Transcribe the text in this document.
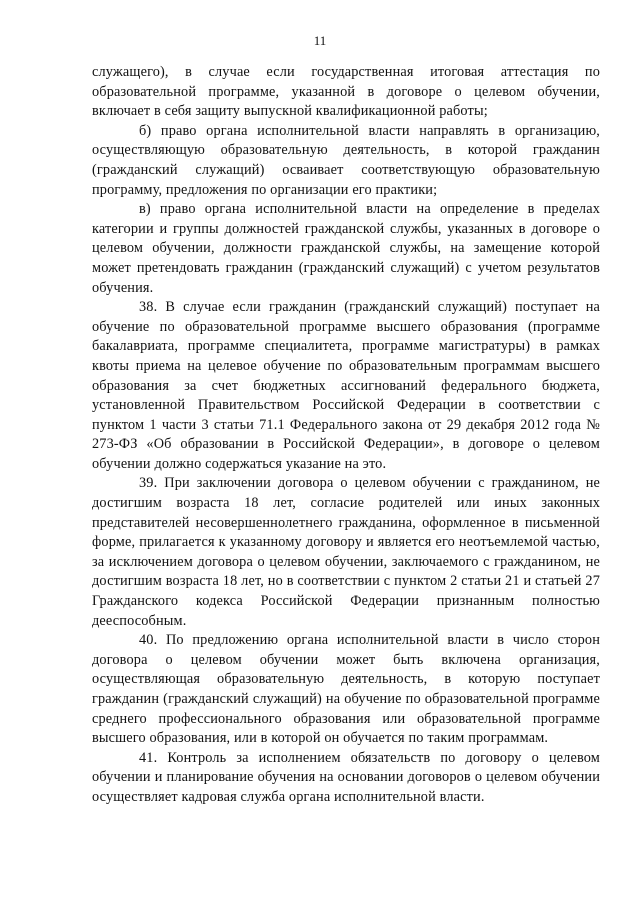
11

служащего), в случае если государственная итоговая аттестация по образовательной программе, указанной в договоре о целевом обучении, включает в себя защиту выпускной квалификационной работы;

б) право органа исполнительной власти направлять в организацию, осуществляющую образовательную деятельность, в которой гражданин (гражданский служащий) осваивает соответствующую образовательную программу, предложения по организации его практики;

в) право органа исполнительной власти на определение в пределах категории и группы должностей гражданской службы, указанных в договоре о целевом обучении, должности гражданской службы, на замещение которой может претендовать гражданин (гражданский служащий) с учетом результатов обучения.

38. В случае если гражданин (гражданский служащий) поступает на обучение по образовательной программе высшего образования (программе бакалавриата, программе специалитета, программе магистратуры) в рамках квоты приема на целевое обучение по образовательным программам высшего образования за счет бюджетных ассигнований федерального бюджета, установленной Правительством Российской Федерации в соответствии с пунктом 1 части 3 статьи 71.1 Федерального закона от 29 декабря 2012 года № 273-ФЗ «Об образовании в Российской Федерации», в договоре о целевом обучении должно содержаться указание на это.

39. При заключении договора о целевом обучении с гражданином, не достигшим возраста 18 лет, согласие родителей или иных законных представителей несовершеннолетнего гражданина, оформленное в письменной форме, прилагается к указанному договору и является его неотъемлемой частью, за исключением договора о целевом обучении, заключаемого с гражданином, не достигшим возраста 18 лет, но в соответствии с пунктом 2 статьи 21 и статьей 27 Гражданского кодекса Российской Федерации признанным полностью дееспособным.

40. По предложению органа исполнительной власти в число сторон договора о целевом обучении может быть включена организация, осуществляющая образовательную деятельность, в которую поступает гражданин (гражданский служащий) на обучение по образовательной программе среднего профессионального образования или образовательной программе высшего образования, или в которой он обучается по таким программам.

41. Контроль за исполнением обязательств по договору о целевом обучении и планирование обучения на основании договоров о целевом обучении осуществляет кадровая служба органа исполнительной власти.
